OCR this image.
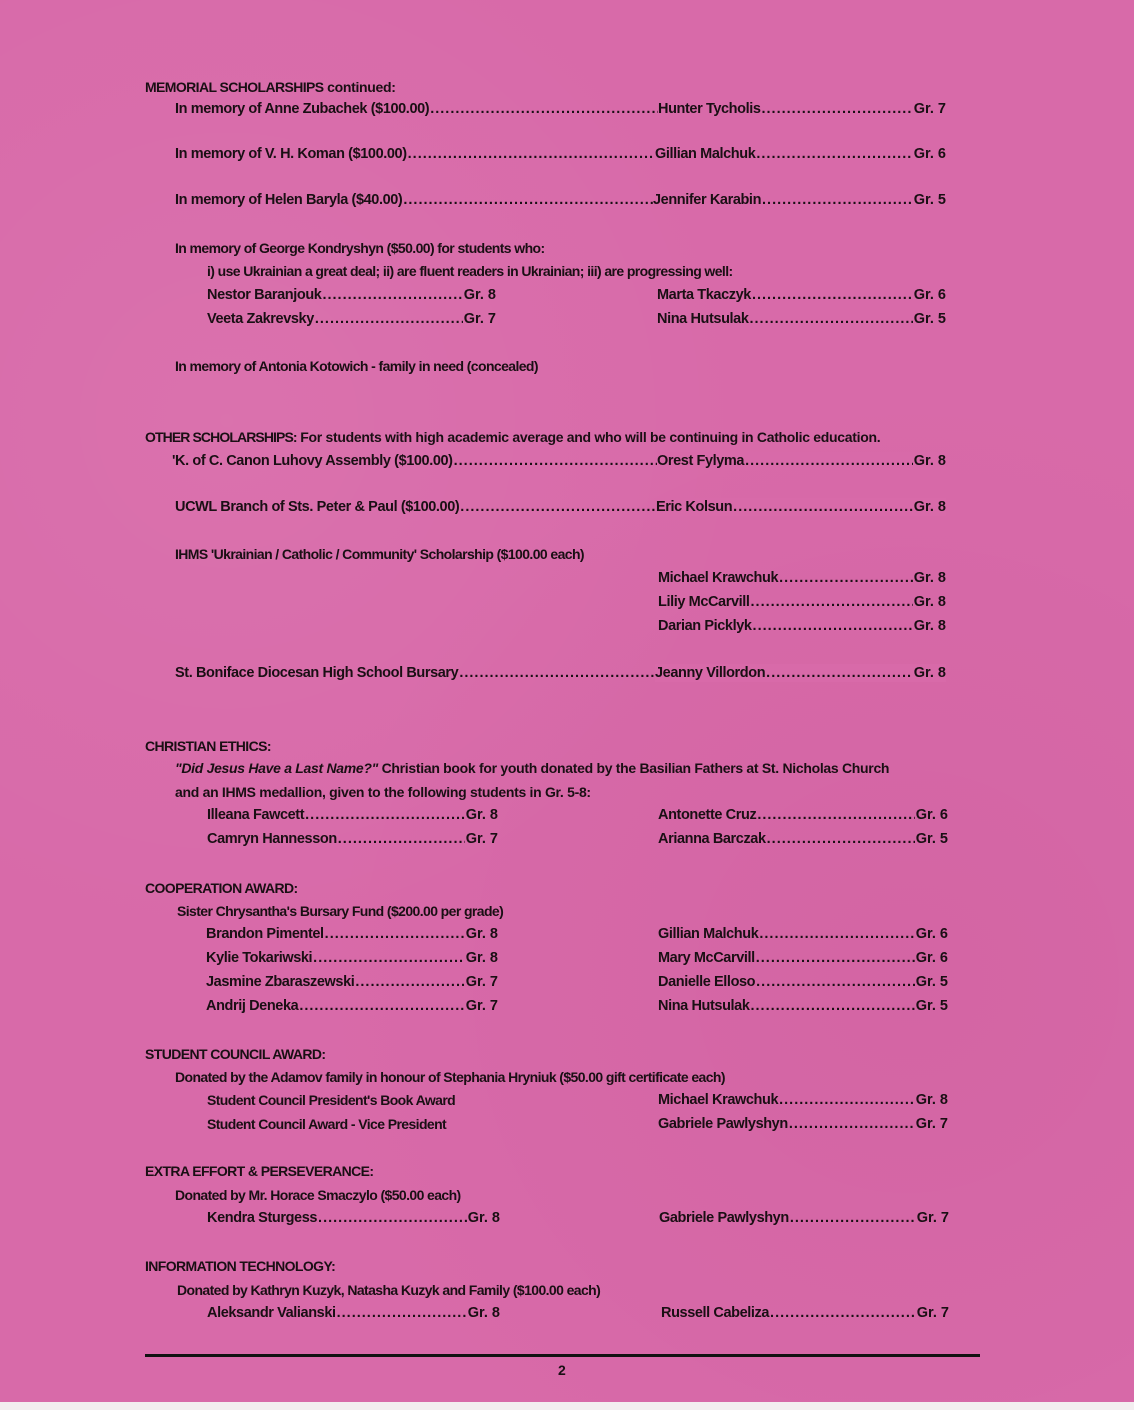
MEMORIAL SCHOLARSHIPS continued:
In memory of Anne Zubachek ($100.00) .....	Hunter Tycholis .....	Gr. 7
In memory of V. H. Koman ($100.00) .....	Gillian Malchuk .....	Gr. 6
In memory of Helen Baryla ($40.00) .....	Jennifer Karabin .....	Gr. 5
In memory of George Kondryshyn ($50.00) for students who:
i) use Ukrainian a great deal; ii) are fluent readers in Ukrainian; iii) are progressing well:
Nestor Baranjouk .....	Gr. 8	Marta Tkaczyk .....	Gr. 6
Veeta Zakrevsky .....	Gr. 7	Nina Hutsulak .....	Gr. 5
In memory of Antonia Kotowich - family in need (concealed)
OTHER SCHOLARSHIPS: For students with high academic average and who will be continuing in Catholic education.
'K. of C. Canon Luhovy Assembly ($100.00) .....	Orest Fylyma .....	Gr. 8
UCWL Branch of Sts. Peter & Paul ($100.00) .....	Eric Kolsun .....	Gr. 8
IHMS 'Ukrainian / Catholic / Community' Scholarship ($100.00 each)
Michael Krawchuk .....	Gr. 8
Liliy McCarvill .....	Gr. 8
Darian Picklyk .....	Gr. 8
St. Boniface Diocesan High School Bursary .....	Jeanny Villordon .....	Gr. 8
CHRISTIAN ETHICS:
"Did Jesus Have a Last Name?" Christian book for youth donated by the Basilian Fathers at St. Nicholas Church
and an IHMS medallion, given to the following students in Gr. 5-8:
Illeana Fawcett .....	Gr. 8	Antonette Cruz .....	Gr. 6
Camryn Hannesson .....	Gr. 7	Arianna Barczak .....	Gr. 5
COOPERATION AWARD:
Sister Chrysantha's Bursary Fund ($200.00 per grade)
Brandon Pimentel .....	Gr. 8	Gillian Malchuk .....	Gr. 6
Kylie Tokariwski .....	Gr. 8	Mary McCarvill .....	Gr. 6
Jasmine Zbaraszewski .....	Gr. 7	Danielle Elloso .....	Gr. 5
Andrij Deneka .....	Gr. 7	Nina Hutsulak .....	Gr. 5
STUDENT COUNCIL AWARD:
Donated by the Adamov family in honour of Stephania Hryniuk ($50.00 gift certificate each)
Student Council President's Book Award	Michael Krawchuk .....	Gr. 8
Student Council Award - Vice President	Gabriele Pawlyshyn .....	Gr. 7
EXTRA EFFORT & PERSEVERANCE:
Donated by Mr. Horace Smaczylo ($50.00 each)
Kendra Sturgess .....	Gr. 8	Gabriele Pawlyshyn .....	Gr. 7
INFORMATION TECHNOLOGY:
Donated by Kathryn Kuzyk, Natasha Kuzyk and Family ($100.00 each)
Aleksandr Valianski .....	Gr. 8	Russell Cabeliza .....	Gr. 7
2
